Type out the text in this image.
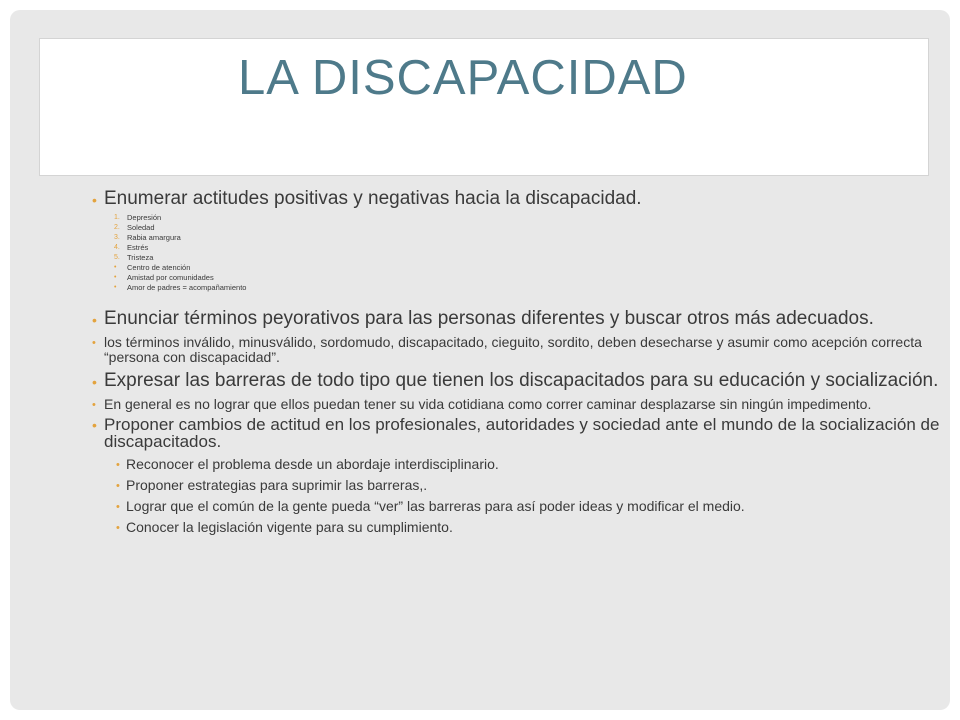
LA DISCAPACIDAD
• Enumerar actitudes positivas y negativas hacia la discapacidad.
1. Depresión
2. Soledad
3. Rabia amargura
4. Estrés
5. Tristeza
• Centro de atención
• Amistad por comunidades
• Amor de padres = acompañamiento
• Enunciar términos peyorativos para las personas diferentes y buscar otros más adecuados.
• los términos inválido, minusválido, sordomudo, discapacitado, cieguito, sordito, deben desecharse y asumir como acepción correcta “persona con discapacidad”.
• Expresar las barreras de todo tipo que tienen los discapacitados para su educación y socialización.
• En general es no lograr que ellos puedan tener su vida cotidiana como correr caminar desplazarse sin ningún impedimento.
• Proponer cambios de actitud en los profesionales, autoridades y sociedad ante el mundo de la socialización de discapacitados.
• Reconocer el problema desde un abordaje interdisciplinario.
• Proponer estrategias para suprimir las barreras,.
• Lograr que el común de la gente pueda “ver” las barreras para así poder ideas y modificar el medio.
• Conocer la legislación vigente para su cumplimiento.
